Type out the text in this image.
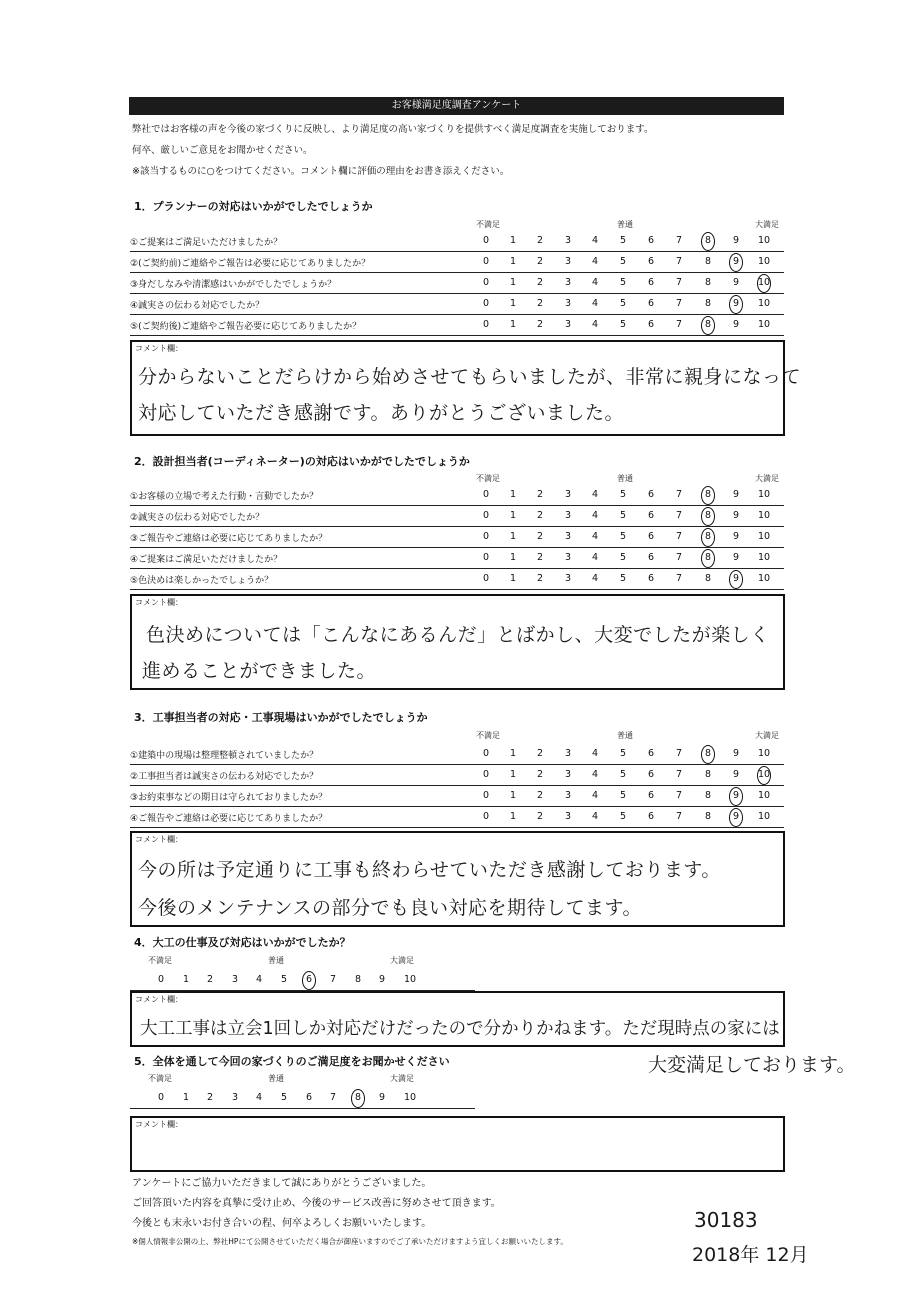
お客様満足度調査アンケート
弊社ではお客様の声を今後の家づくりに反映し、より満足度の高い家づくりを提供すべく満足度調査を実施しております。
何卒、厳しいご意見をお聞かせください。
※該当するものに○をつけてください。コメント欄に評価の理由をお書き添えください。
1．プランナーの対応はいかがでしたでしょうか
不満足	普通	大満足
①ご提案はご満足いただけましたか？	0	1	2	3	4	5	6	7	8	9	10
②(ご契約前)ご連絡やご報告は必要に応じてありましたか？	0	1	2	3	4	5	6	7	8	9	10
③身だしなみや清潔感はいかがでしたでしょうか？	0	1	2	3	4	5	6	7	8	9	10
④誠実さの伝わる対応でしたか？	0	1	2	3	4	5	6	7	8	9	10
⑤(ご契約後)ご連絡やご報告必要に応じてありましたか？	0	1	2	3	4	5	6	7	8	9	10
コメント欄：
分からないことだらけから始めさせてもらいましたが、非常に親身になって
対応していただき感謝です。ありがとうございました。
2．設計担当者(コーディネーター)の対応はいかがでしたでしょうか
不満足	普通	大満足
①お客様の立場で考えた行動・言動でしたか？	0	1	2	3	4	5	6	7	8	9	10
②誠実さの伝わる対応でしたか？	0	1	2	3	4	5	6	7	8	9	10
③ご報告やご連絡は必要に応じてありましたか？	0	1	2	3	4	5	6	7	8	9	10
④ご提案はご満足いただけましたか？	0	1	2	3	4	5	6	7	8	9	10
⑤色決めは楽しかったでしょうか？	0	1	2	3	4	5	6	7	8	9	10
コメント欄：
色決めについては「こんなにあるんだ」とばかし、大変でしたが楽しく
進めることができました。
3．工事担当者の対応・工事現場はいかがでしたでしょうか
不満足	普通	大満足
①建築中の現場は整理整頓されていましたか？	0	1	2	3	4	5	6	7	8	9	10
②工事担当者は誠実さの伝わる対応でしたか？	0	1	2	3	4	5	6	7	8	9	10
③お約束事などの期日は守られておりましたか？	0	1	2	3	4	5	6	7	8	9	10
④ご報告やご連絡は必要に応じてありましたか？	0	1	2	3	4	5	6	7	8	9	10
コメント欄：
今の所は予定通りに工事も終わらせていただき感謝しております。
今後のメンテナンスの部分でも良い対応を期待してます。
4．大工の仕事及び対応はいかがでしたか？
不満足	普通	大満足
0	1	2	3	4	5	6	7	8	9	10
コメント欄：
大工工事は立会1回しか対応だけだったので分かりかねます。ただ現時点の家には
大変満足しております。
5．全体を通して今回の家づくりのご満足度をお聞かせください
不満足	普通	大満足
0	1	2	3	4	5	6	7	8	9	10
コメント欄：
アンケートにご協力いただきまして誠にありがとうございました。
ご回答頂いた内容を真摯に受け止め、今後のサービス改善に努めさせて頂きます。
今後とも末永いお付き合いの程、何卒よろしくお願いいたします。
※個人情報非公開の上、弊社HPにて公開させていただく場合が御座いますのでご了承いただけますよう宜しくお願いいたします。
30183
2018年 12月
